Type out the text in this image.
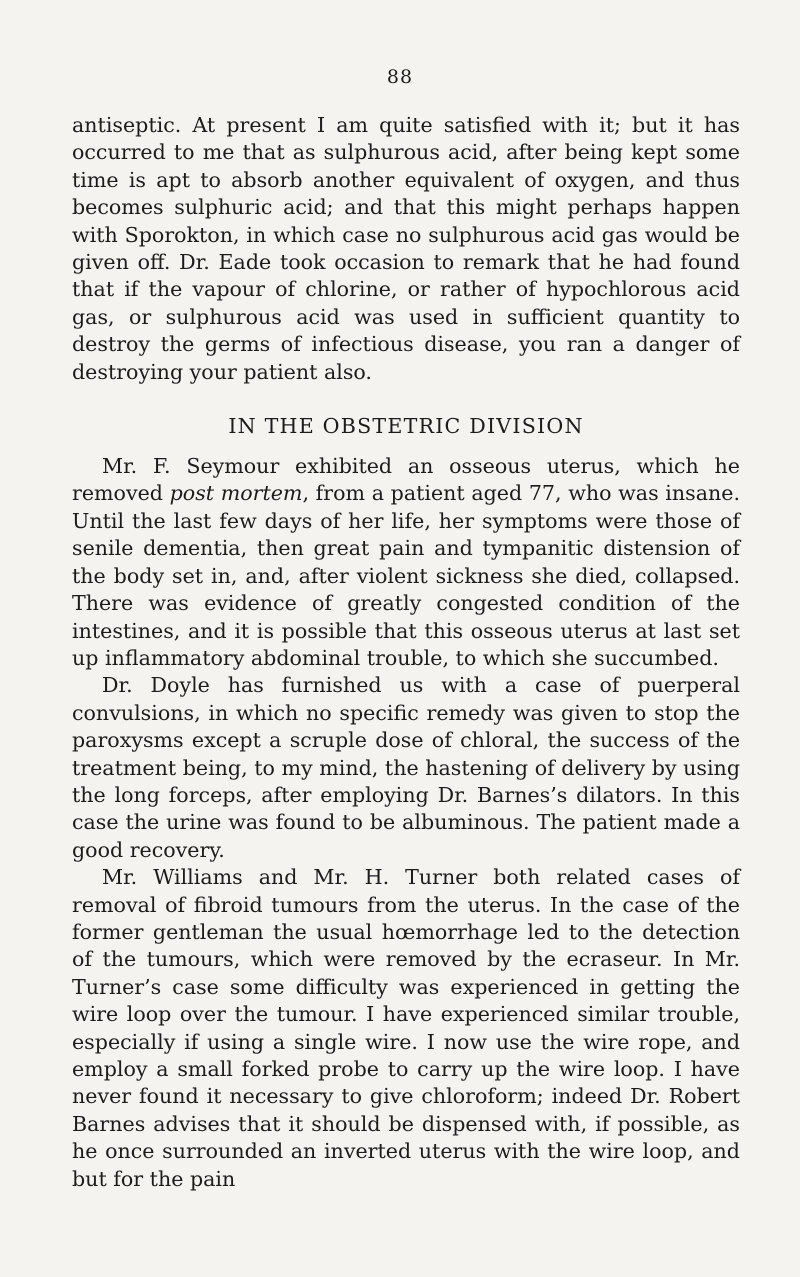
88

antiseptic. At present I am quite satisfied with it; but it has occurred to me that as sulphurous acid, after being kept some time is apt to absorb another equivalent of oxygen, and thus becomes sulphuric acid; and that this might perhaps happen with Sporokton, in which case no sulphurous acid gas would be given off. Dr. Eade took occasion to remark that he had found that if the vapour of chlorine, or rather of hypochlorous acid gas, or sulphurous acid was used in sufficient quantity to destroy the germs of infectious disease, you ran a danger of destroying your patient also.

IN THE OBSTETRIC DIVISION

Mr. F. Seymour exhibited an osseous uterus, which he removed post mortem, from a patient aged 77, who was insane. Until the last few days of her life, her symptoms were those of senile dementia, then great pain and tympanitic distension of the body set in, and, after violent sickness she died, collapsed. There was evidence of greatly congested condition of the intestines, and it is possible that this osseous uterus at last set up inflammatory abdominal trouble, to which she succumbed.

Dr. Doyle has furnished us with a case of puerperal convulsions, in which no specific remedy was given to stop the paroxysms except a scruple dose of chloral, the success of the treatment being, to my mind, the hastening of delivery by using the long forceps, after employing Dr. Barnes’s dilators. In this case the urine was found to be albuminous. The patient made a good recovery.

Mr. Williams and Mr. H. Turner both related cases of removal of fibroid tumours from the uterus. In the case of the former gentleman the usual hœmorrhage led to the detection of the tumours, which were removed by the ecraseur. In Mr. Turner’s case some difficulty was experienced in getting the wire loop over the tumour. I have experienced similar trouble, especially if using a single wire. I now use the wire rope, and employ a small forked probe to carry up the wire loop. I have never found it necessary to give chloroform; indeed Dr. Robert Barnes advises that it should be dispensed with, if possible, as he once surrounded an inverted uterus with the wire loop, and but for the pain
